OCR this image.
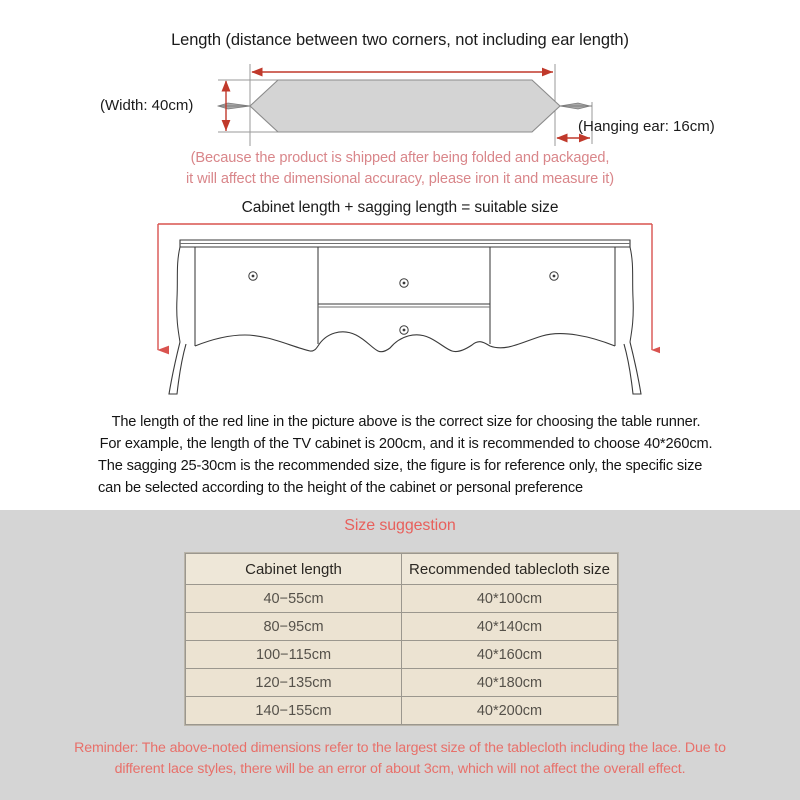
Length (distance between two corners, not including ear length)
(Width: 40cm)
(Hanging ear: 16cm)
(Because the product is shipped after being folded and packaged,
it will affect the dimensional accuracy, please iron it and measure it)
Cabinet length + sagging length = suitable size
The length of the red line in the picture above is the correct size for choosing the table runner.
For example, the length of the TV cabinet is 200cm, and it is recommended to choose 40*260cm.
The sagging 25-30cm is the recommended size, the figure is for reference only, the specific size
can be selected according to the height of the cabinet or personal preference
Size suggestion
Cabinet length	Recommended tablecloth size
40−55cm	40*100cm
80−95cm	40*140cm
100−115cm	40*160cm
120−135cm	40*180cm
140−155cm	40*200cm
Reminder: The above-noted dimensions refer to the largest size of the tablecloth including the lace. Due to
different lace styles, there will be an error of about 3cm, which will not affect the overall effect.
